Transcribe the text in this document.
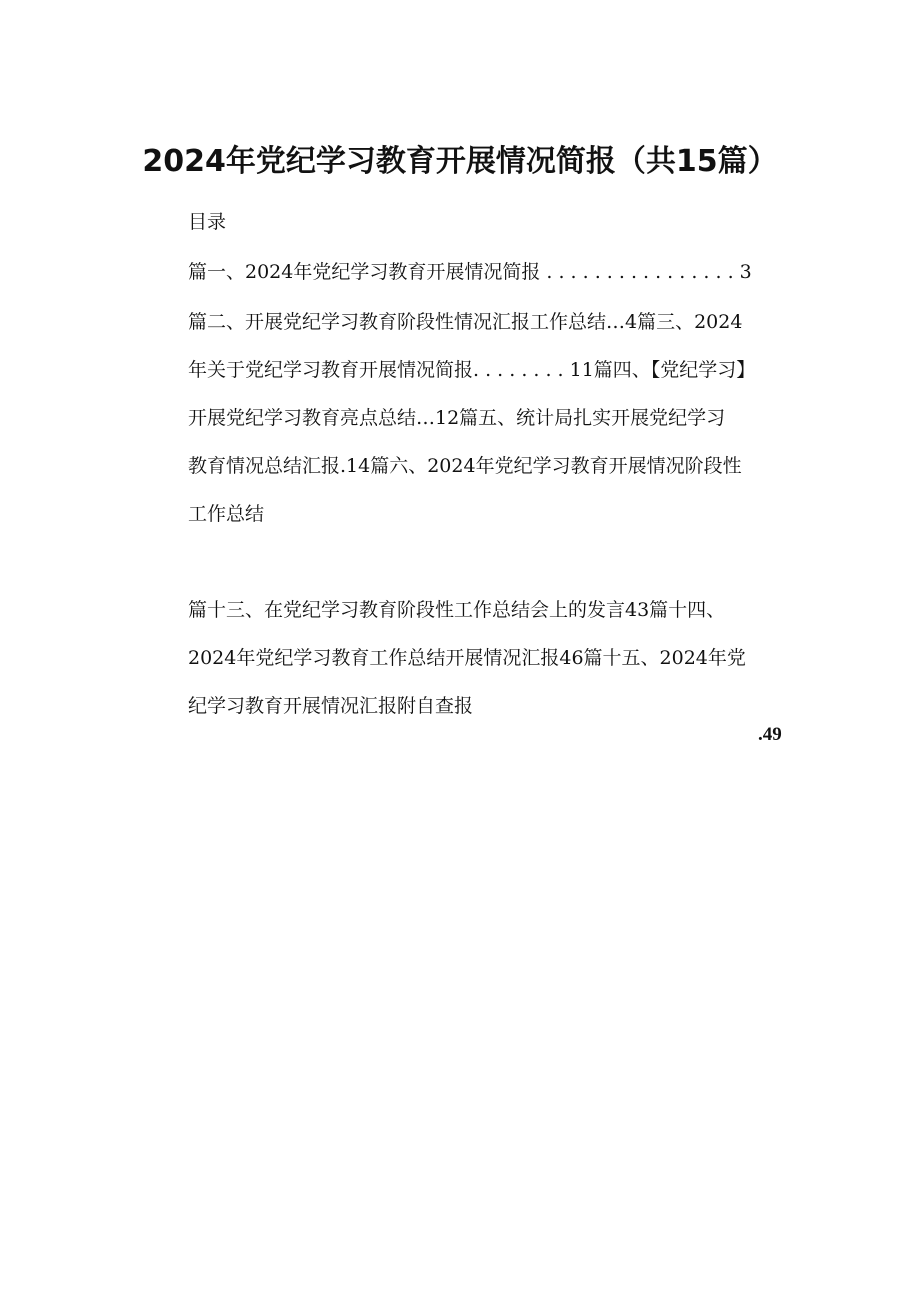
2024年党纪学习教育开展情况简报（共15篇）
目录
篇一、2024年党纪学习教育开展情况简报 . . . . . . . . . . . . . . . . 3
篇二、开展党纪学习教育阶段性情况汇报工作总结…4篇三、2024
年关于党纪学习教育开展情况简报. . . . . . . . 11篇四、【党纪学习】
开展党纪学习教育亮点总结…12篇五、统计局扎实开展党纪学习
教育情况总结汇报.14篇六、2024年党纪学习教育开展情况阶段性
工作总结
篇十三、在党纪学习教育阶段性工作总结会上的发言43篇十四、
2024年党纪学习教育工作总结开展情况汇报46篇十五、2024年党
纪学习教育开展情况汇报附自查报
.49
